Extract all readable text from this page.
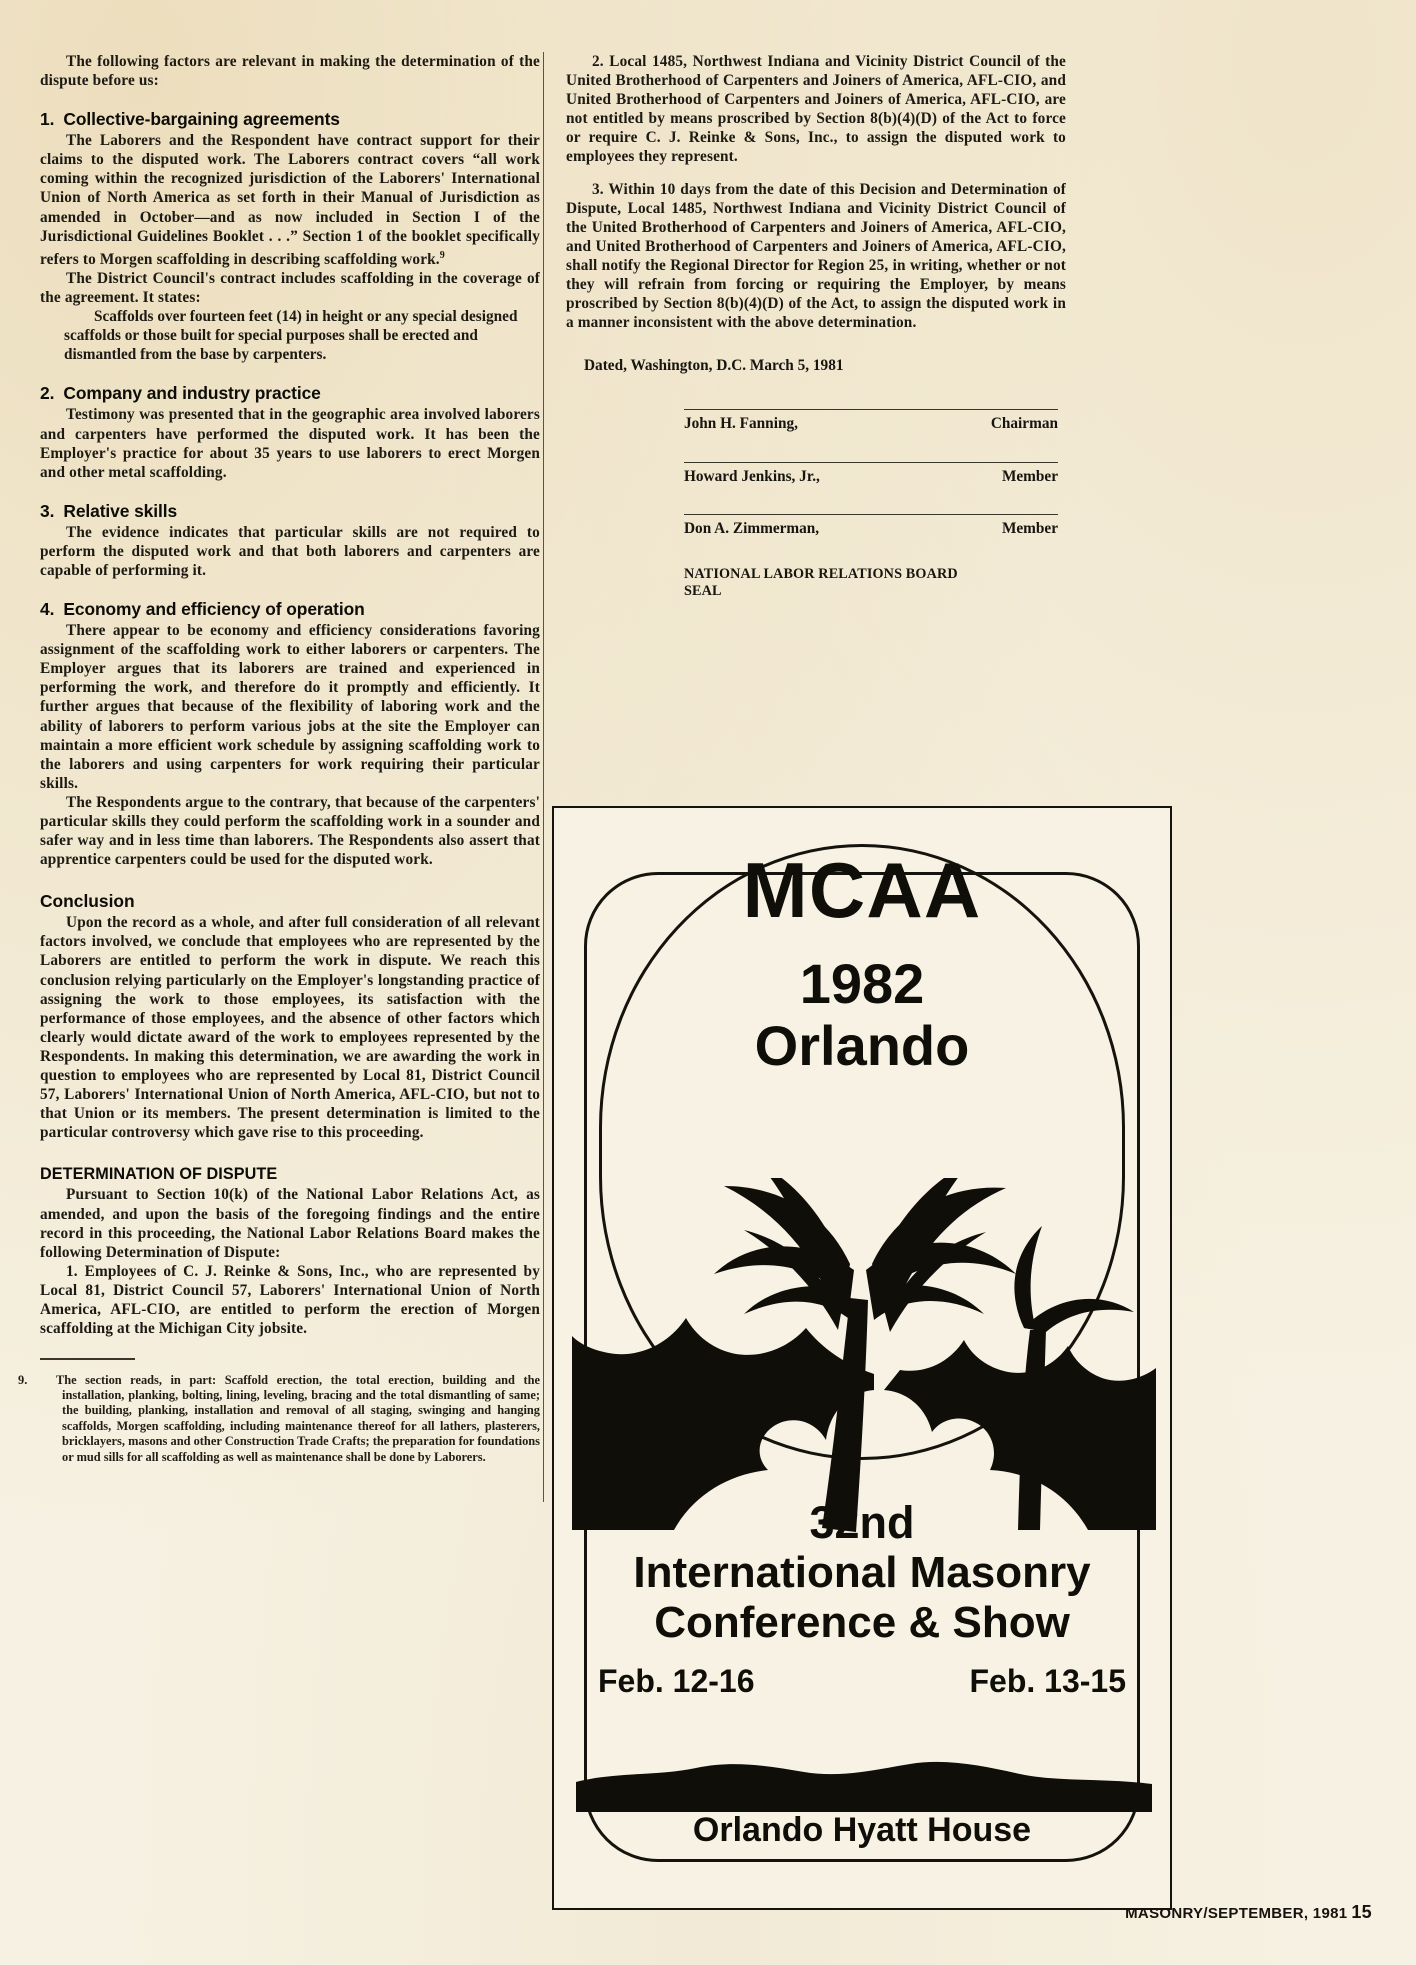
The following factors are relevant in making the determination of the dispute before us:

1. Collective-bargaining agreements

The Laborers and the Respondent have contract support for their claims to the disputed work. The Laborers contract covers “all work coming within the recognized jurisdiction of the Laborers' International Union of North America as set forth in their Manual of Jurisdiction as amended in October—and as now included in Section I of the Jurisdictional Guidelines Booklet . . .” Section 1 of the booklet specifically refers to Morgen scaffolding in describing scaffolding work.$^9$

The District Council's contract includes scaffolding in the coverage of the agreement. It states:

Scaffolds over fourteen feet (14) in height or any special designed scaffolds or those built for special purposes shall be erected and dismantled from the base by carpenters.

2. Company and industry practice

Testimony was presented that in the geographic area involved laborers and carpenters have performed the disputed work. It has been the Employer's practice for about 35 years to use laborers to erect Morgen and other metal scaffolding.

3. Relative skills

The evidence indicates that particular skills are not required to perform the disputed work and that both laborers and carpenters are capable of performing it.

4. Economy and efficiency of operation

There appear to be economy and efficiency considerations favoring assignment of the scaffolding work to either laborers or carpenters. The Employer argues that its laborers are trained and experienced in performing the work, and therefore do it promptly and efficiently. It further argues that because of the flexibility of laboring work and the ability of laborers to perform various jobs at the site the Employer can maintain a more efficient work schedule by assigning scaffolding work to the laborers and using carpenters for work requiring their particular skills.

The Respondents argue to the contrary, that because of the carpenters' particular skills they could perform the scaffolding work in a sounder and safer way and in less time than laborers. The Respondents also assert that apprentice carpenters could be used for the disputed work.

Conclusion

Upon the record as a whole, and after full consideration of all relevant factors involved, we conclude that employees who are represented by the Laborers are entitled to perform the work in dispute. We reach this conclusion relying particularly on the Employer's longstanding practice of assigning the work to those employees, its satisfaction with the performance of those employees, and the absence of other factors which clearly would dictate award of the work to employees represented by the Respondents. In making this determination, we are awarding the work in question to employees who are represented by Local 81, District Council 57, Laborers' International Union of North America, AFL-CIO, but not to that Union or its members. The present determination is limited to the particular controversy which gave rise to this proceeding.

DETERMINATION OF DISPUTE

Pursuant to Section 10(k) of the National Labor Relations Act, as amended, and upon the basis of the foregoing findings and the entire record in this proceeding, the National Labor Relations Board makes the following Determination of Dispute:

1. Employees of C. J. Reinke & Sons, Inc., who are represented by Local 81, District Council 57, Laborers' International Union of North America, AFL-CIO, are entitled to perform the erection of Morgen scaffolding at the Michigan City jobsite.

9. The section reads, in part: Scaffold erection, the total erection, building and the installation, planking, bolting, lining, leveling, bracing and the total dismantling of same; the building, planking, installation and removal of all staging, swinging and hanging scaffolds, Morgen scaffolding, including maintenance thereof for all lathers, plasterers, bricklayers, masons and other Construction Trade Crafts; the preparation for foundations or mud sills for all scaffolding as well as maintenance shall be done by Laborers.

2. Local 1485, Northwest Indiana and Vicinity District Council of the United Brotherhood of Carpenters and Joiners of America, AFL-CIO, and United Brotherhood of Carpenters and Joiners of America, AFL-CIO, are not entitled by means proscribed by Section 8(b)(4)(D) of the Act to force or require C. J. Reinke & Sons, Inc., to assign the disputed work to employees they represent.

3. Within 10 days from the date of this Decision and Determination of Dispute, Local 1485, Northwest Indiana and Vicinity District Council of the United Brotherhood of Carpenters and Joiners of America, AFL-CIO, and United Brotherhood of Carpenters and Joiners of America, AFL-CIO, shall notify the Regional Director for Region 25, in writing, whether or not they will refrain from forcing or requiring the Employer, by means proscribed by Section 8(b)(4)(D) of the Act, to assign the disputed work in a manner inconsistent with the above determination.

Dated, Washington, D.C. March 5, 1981

John H. Fanning,	Chairman
Howard Jenkins, Jr.,	Member
Don A. Zimmerman,	Member
NATIONAL LABOR RELATIONS BOARD
SEAL
MCAA
1982
Orlando
32nd
International Masonry
Conference & Show
Feb. 12-16	Feb. 13-15
Orlando Hyatt House
MASONRY/SEPTEMBER, 1981 15
